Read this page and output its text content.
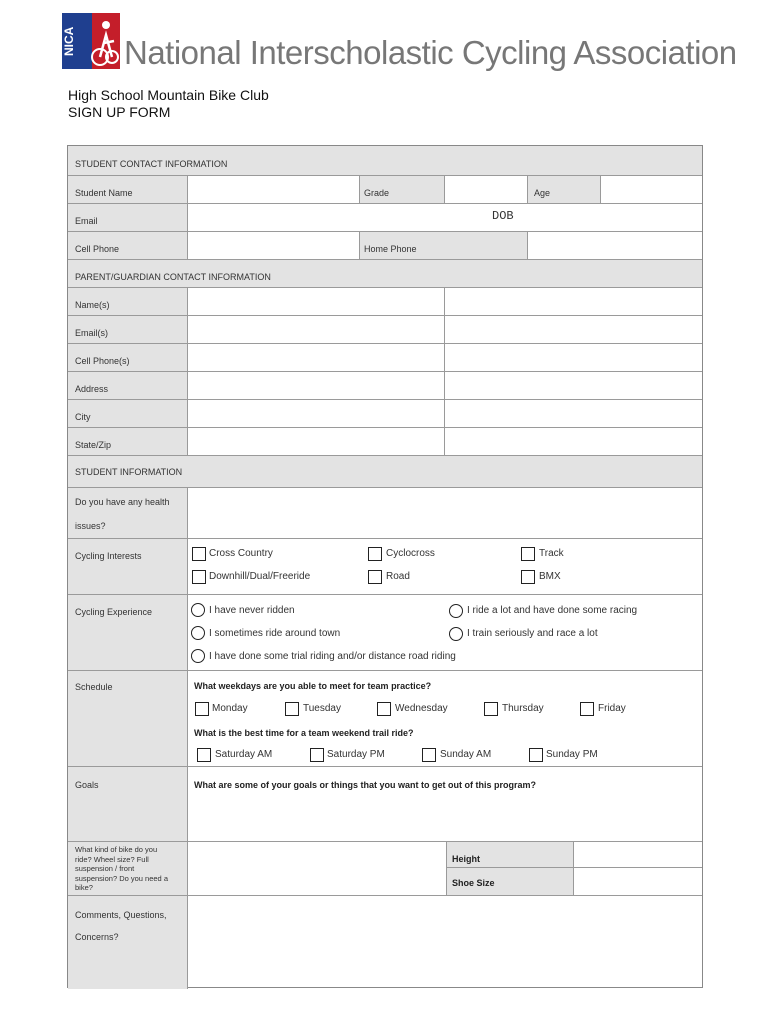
NICA	National Interscholastic Cycling Association
High School Mountain Bike Club
SIGN UP FORM
STUDENT CONTACT INFORMATION
Student Name	Grade	Age
Email	DOB
Cell Phone	Home Phone
PARENT/GUARDIAN CONTACT INFORMATION
Name(s)
Email(s)
Cell Phone(s)
Address
City
State/Zip
STUDENT INFORMATION
Do you have any health
issues?
Cycling Interests	Cross Country	Cyclocross	Track
Downhill/Dual/Freeride	Road	BMX
Cycling Experience	I have never ridden	I ride a lot and have done some racing
I sometimes ride around town	I train seriously and race a lot
I have done some trial riding and/or distance road riding
Schedule	What weekdays are you able to meet for team practice?
Monday	Tuesday	Wednesday	Thursday	Friday
What is the best time for a team weekend trail ride?
Saturday AM	Saturday PM	Sunday AM	Sunday PM
Goals	What are some of your goals or things that you want to get out of this program?
What kind of bike do you
ride? Wheel size? Full
suspension / front
suspension? Do you need a
bike?
Height
Shoe Size
Comments, Questions,
Concerns?
